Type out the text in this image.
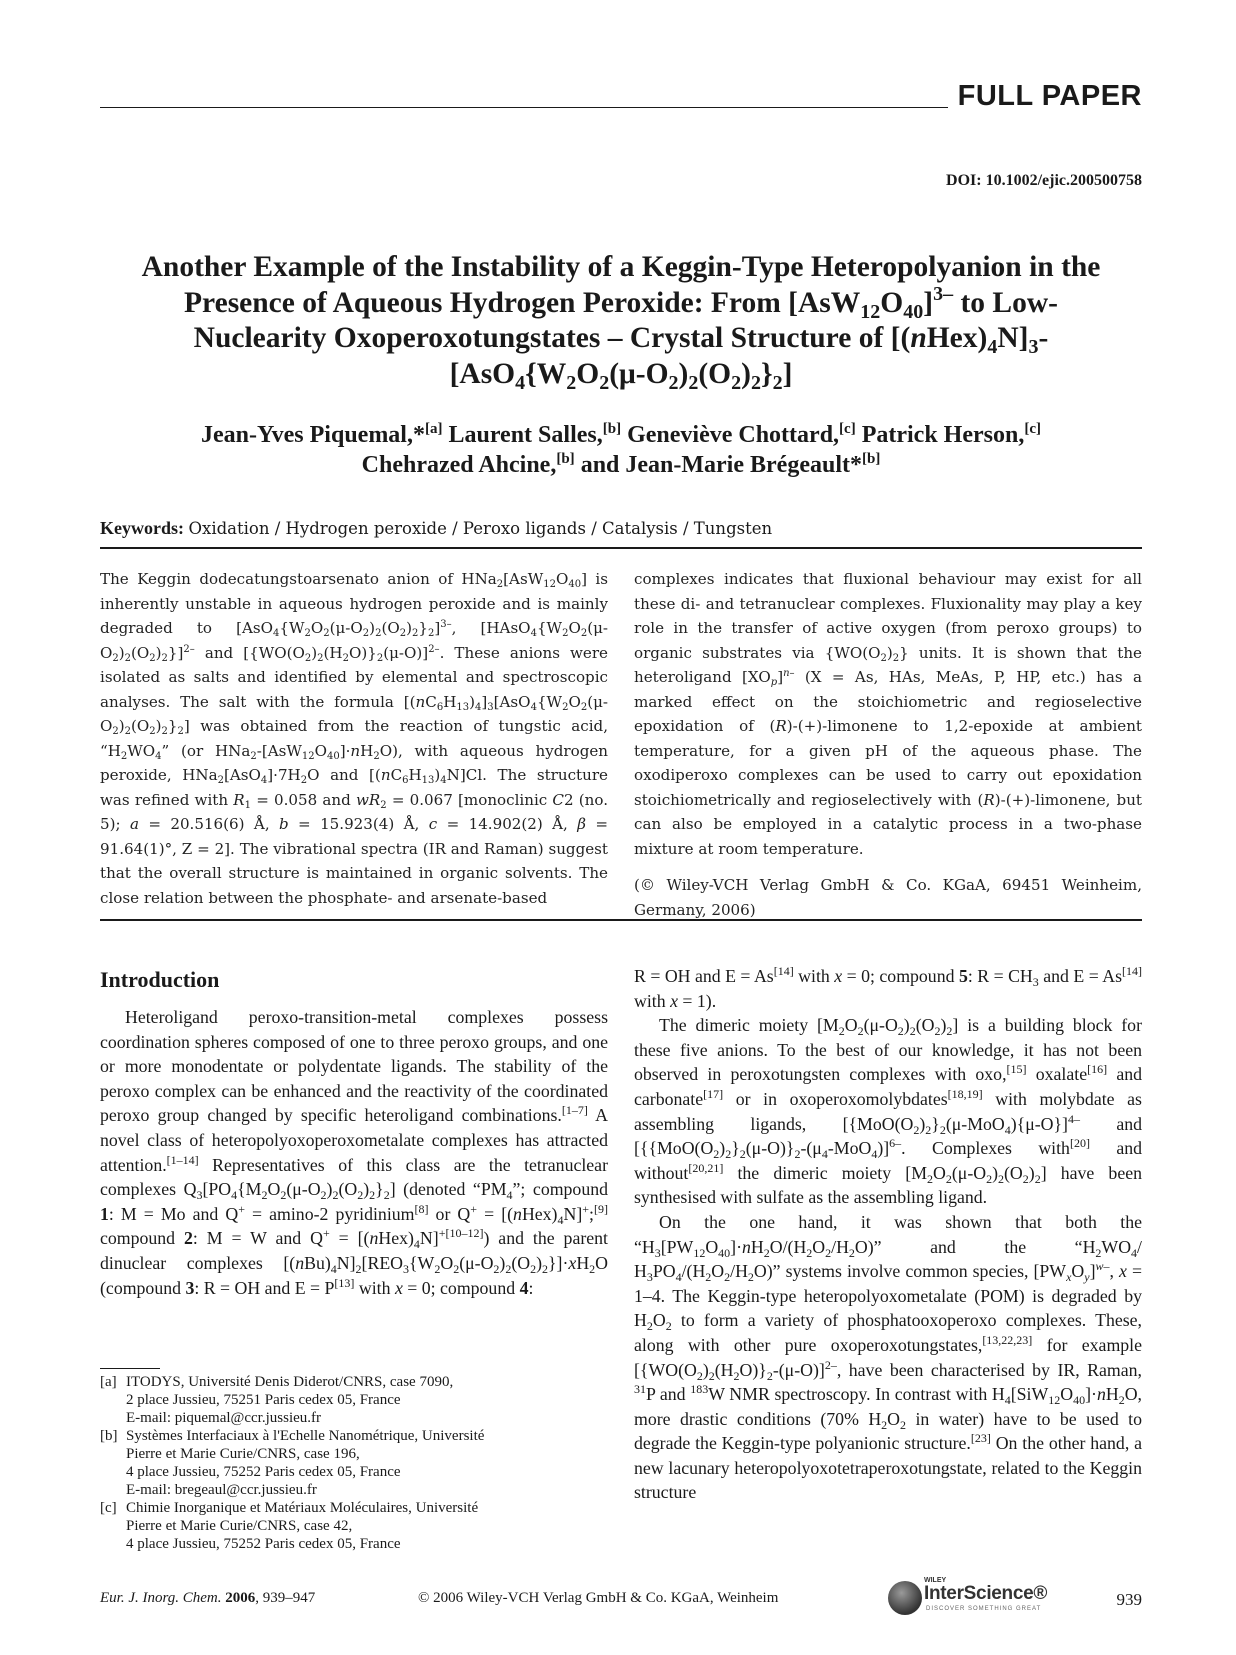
FULL PAPER
DOI: 10.1002/ejic.200500758
Another Example of the Instability of a Keggin-Type Heteropolyanion in the
Presence of Aqueous Hydrogen Peroxide: From $[AsW_{12}O_{40}]^{3-}$ to Low-
Nuclearity Oxoperoxotungstates – Crystal Structure of $[(nHex)_4N]_3-$
$[AsO_4\{W_2O_2(\mu-O_2)_2(O_2)_2\}_2]$
Jean-Yves Piquemal,*[a] Laurent Salles,[b] Geneviève Chottard,[c] Patrick Herson,[c]
Chehrazed Ahcine,[b] and Jean-Marie Brégeault*[b]
Keywords: Oxidation / Hydrogen peroxide / Peroxo ligands / Catalysis / Tungsten

The Keggin dodecatungstoarsenato anion of $HNa_2[AsW_{12}O_{40}]$ is inherently unstable in aqueous hydrogen peroxide and is mainly degraded to $[AsO_4\{W_2O_2(\mu-O_2)_2(O_2)_2\}_2]^{3-}$, $[HAsO_4\{W_2O_2(\mu-O_2)_2(O_2)_2\}]^{2-}$ and $[\{WO(O_2)_2(H_2O)\}_2(\mu-O)]^{2-}$. These anions were isolated as salts and identified by elemental and spectroscopic analyses. The salt with the formula $[(nC_6H_{13})_4]_3[AsO_4\{W_2O_2(\mu-O_2)_2(O_2)_2\}_2]$ was obtained from the reaction of tungstic acid, “$H_2WO_4$” (or $HNa_2-[AsW_{12}O_{40}]\cdot nH_2O$), with aqueous hydrogen peroxide, $HNa_2[AsO_4]\cdot 7H_2O$ and $[(nC_6H_{13})_4N]Cl$. The structure was refined with $R_1 = 0.058$ and $wR_2 = 0.067$ [monoclinic C2 (no. 5); a = 20.516(6) Å, b = 15.923(4) Å, c = 14.902(2) Å, β = 91.64(1)°, Z = 2]. The vibrational spectra (IR and Raman) suggest that the overall structure is maintained in organic solvents. The close relation between the phosphate- and arsenate-based

complexes indicates that fluxional behaviour may exist for all these di- and tetranuclear complexes. Fluxionality may play a key role in the transfer of active oxygen (from peroxo groups) to organic substrates via $\{WO(O_2)_2\}$ units. It is shown that the heteroligand $[XO_p]^{n-}$ (X = As, HAs, MeAs, P, HP, etc.) has a marked effect on the stoichiometric and regioselective epoxidation of (R)-(+)-limonene to 1,2-epoxide at ambient temperature, for a given pH of the aqueous phase. The oxodiperoxo complexes can be used to carry out epoxidation stoichiometrically and regioselectively with (R)-(+)-limonene, but can also be employed in a catalytic process in a two-phase mixture at room temperature.

(© Wiley-VCH Verlag GmbH & Co. KGaA, 69451 Weinheim, Germany, 2006)

Introduction

Heteroligand peroxo-transition-metal complexes possess coordination spheres composed of one to three peroxo groups, and one or more monodentate or polydentate ligands. The stability of the peroxo complex can be enhanced and the reactivity of the coordinated peroxo group changed by specific heteroligand combinations.[1–7] A novel class of heteropolyoxoperoxometalate complexes has attracted attention.[1–14] Representatives of this class are the tetranuclear complexes $Q_3[PO_4\{M_2O_2(\mu-O_2)_2(O_2)_2\}_2]$ (denoted “$PM_4$”; compound 1: M = Mo and Q+ = amino-2 pyridinium[8] or $Q^+ = [(nHex)_4N]^+;[9]$ compound 2: M = W and $Q^+ = [(nHex)_4N]^{+[10-12]}$) and the parent dinuclear complexes $[(nBu)_4N]_2[REO_3\{W_2O_2(\mu-O_2)_2(O_2)_2\}]\cdot xH_2O$ (compound 3: R = OH and E = P[13] with x = 0; compound 4:

R = OH and E = As[14] with x = 0; compound 5: $R = CH_3$ and E = As[14] with x = 1).

The dimeric moiety $[M_2O_2(\mu-O_2)_2(O_2)_2]$ is a building block for these five anions. To the best of our knowledge, it has not been observed in peroxotungsten complexes with oxo,[15] oxalate[16] and carbonate[17] or in oxoperoxomolybdates[18,19] with molybdate as assembling ligands, $[\{MoO(O_2)_2\}_2(\mu-MoO_4)\{\mu-O\}]^{4-}$ and $[\{\{MoO(O_2)_2\}_2(\mu-O)\}_2-(\mu_4-MoO_4)]^{6-}$. Complexes with[20] and without[20,21] the dimeric moiety $[M_2O_2(\mu-O_2)_2(O_2)_2]$ have been synthesised with sulfate as the assembling ligand.

On the one hand, it was shown that both the “$H_3[PW_{12}O_{40}]\cdot nH_2O/(H_2O_2/H_2O)$” and the “$H_2WO_4/$ $H_3PO_4/(H_2O_2/H_2O)$” systems involve common species, $[PW_xO_y]^{w-}$, x = 1–4. The Keggin-type heteropolyoxometalate (POM) is degraded by $H_2O_2$ to form a variety of phosphatooxoperoxo complexes. These, along with other pure oxoperoxotungstates,[13,22,23] for example $[\{WO(O_2)_2(H_2O)\}_2-(\mu-O)]^{2-}$, have been characterised by IR, Raman, $^{31}$P and $^{183}$W NMR spectroscopy. In contrast with $H_4[SiW_{12}O_{40}]\cdot nH_2O$, more drastic conditions (70% $H_2O_2$ in water) have to be used to degrade the Keggin-type polyanionic structure.[23] On the other hand, a new lacunary heteropolyoxotetraperoxotungstate, related to the Keggin structure

[a] ITODYS, Université Denis Diderot/CNRS, case 7090,
2 place Jussieu, 75251 Paris cedex 05, France
E-mail: piquemal@ccr.jussieu.fr
[b] Systèmes Interfaciaux à l'Echelle Nanométrique, Université
Pierre et Marie Curie/CNRS, case 196,
4 place Jussieu, 75252 Paris cedex 05, France
E-mail: bregeaul@ccr.jussieu.fr
[c] Chimie Inorganique et Matériaux Moléculaires, Université
Pierre et Marie Curie/CNRS, case 42,
4 place Jussieu, 75252 Paris cedex 05, France
Eur. J. Inorg. Chem. 2006, 939–947	© 2006 Wiley-VCH Verlag GmbH & Co. KGaA, Weinheim
WILEY
InterScience®
DISCOVER SOMETHING GREAT	939
